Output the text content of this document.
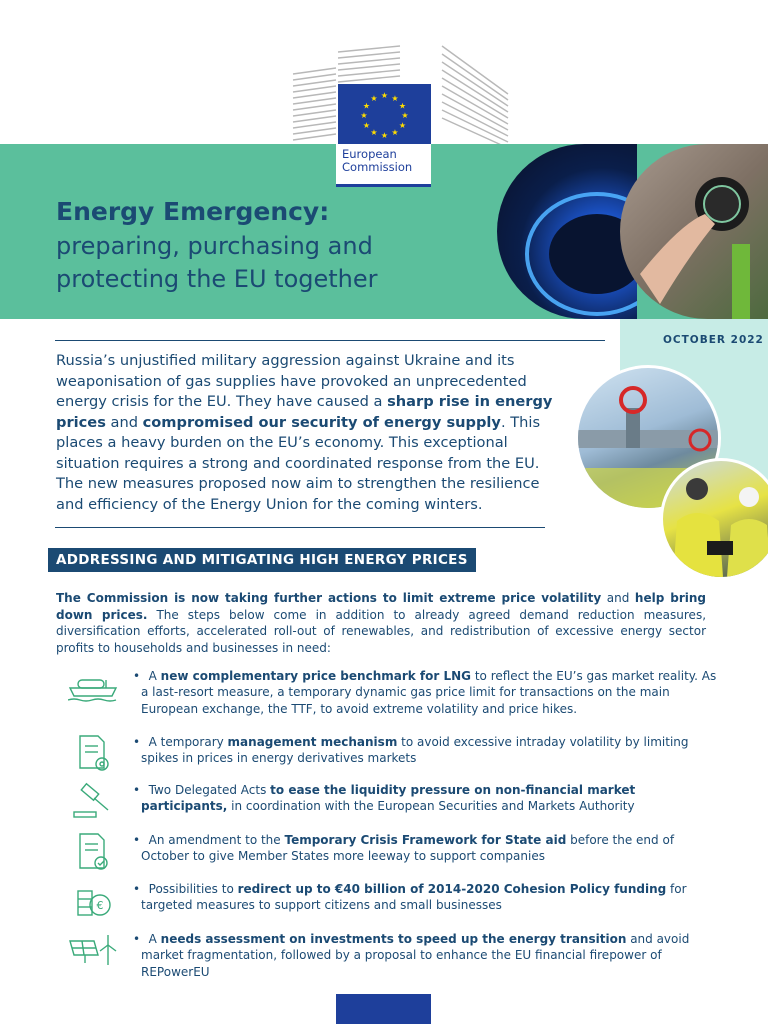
★ ★
★
★
★
★
★
★
★
★
★
★
European
Commission
Energy Emergency:
preparing, purchasing and protecting the EU together
OCTOBER 2022
Russia’s unjustified military aggression against Ukraine and its weaponisation of gas supplies have provoked an unprecedented energy crisis for the EU. They have caused a sharp rise in energy prices and compromised our security of energy supply. This places a heavy burden on the EU’s economy. This exceptional situation requires a strong and coordinated response from the EU. The new measures proposed now aim to strengthen the resilience and efficiency of the Energy Union for the coming winters.
ADDRESSING AND MITIGATING HIGH ENERGY PRICES
The Commission is now taking further actions to limit extreme price volatility and help bring down prices. The steps below come in addition to already agreed demand reduction measures, diversification efforts, accelerated roll-out of renewables, and redistribution of excessive energy sector profits to households and businesses in need:
• A new complementary price benchmark for LNG to reflect the EU’s gas market reality. As a last-resort measure, a temporary dynamic gas price limit for transactions on the main European exchange, the TTF, to avoid extreme volatility and price hikes.
• A temporary management mechanism to avoid excessive intraday volatility by limiting spikes in prices in energy derivatives markets
• Two Delegated Acts to ease the liquidity pressure on non-financial market participants, in coordination with the European Securities and Markets Authority
• An amendment to the Temporary Crisis Framework for State aid before the end of October to give Member States more leeway to support companies
€
• Possibilities to redirect up to €40 billion of 2014-2020 Cohesion Policy funding for targeted measures to support citizens and small businesses
• A needs assessment on investments to speed up the energy transition and avoid market fragmentation, followed by a proposal to enhance the EU financial firepower of REPowerEU
